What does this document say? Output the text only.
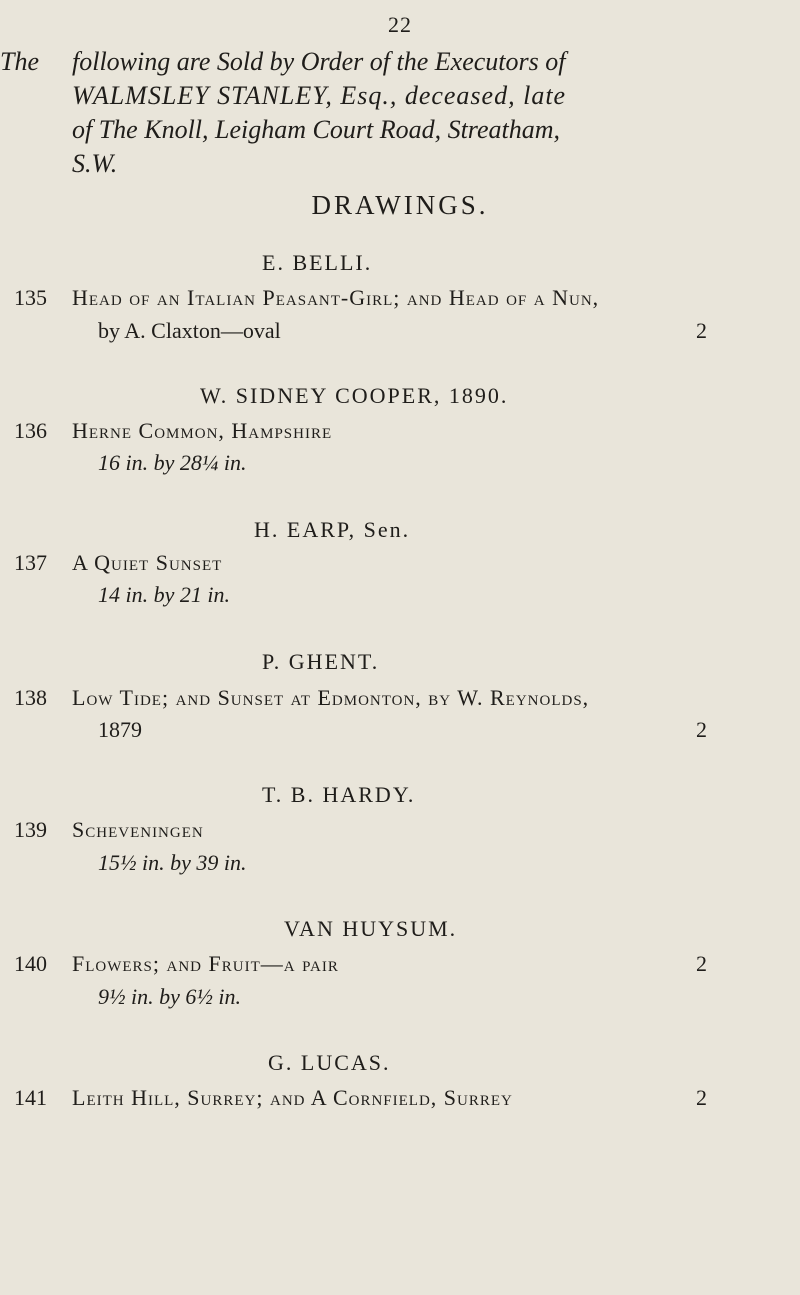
22
The following are Sold by Order of the Executors of
WALMSLEY STANLEY, Esq., deceased, late
of The Knoll, Leigham Court Road, Streatham,
S.W.
DRAWINGS.
E. BELLI.
135 Head of an Italian Peasant-Girl; and Head of a Nun,
by A. Claxton—oval	2
W. SIDNEY COOPER, 1890.
136 Herne Common, Hampshire
16 in. by 28¼ in.
H. EARP, Sen.
137 A Quiet Sunset
14 in. by 21 in.
P. GHENT.
138 Low Tide; and Sunset at Edmonton, by W. Reynolds,
1879	2
T. B. HARDY.
139 Scheveningen
15½ in. by 39 in.
VAN HUYSUM.
140 Flowers; and Fruit—a pair	2
9½ in. by 6½ in.
G. LUCAS.
141 Leith Hill, Surrey; and A Cornfield, Surrey	2
